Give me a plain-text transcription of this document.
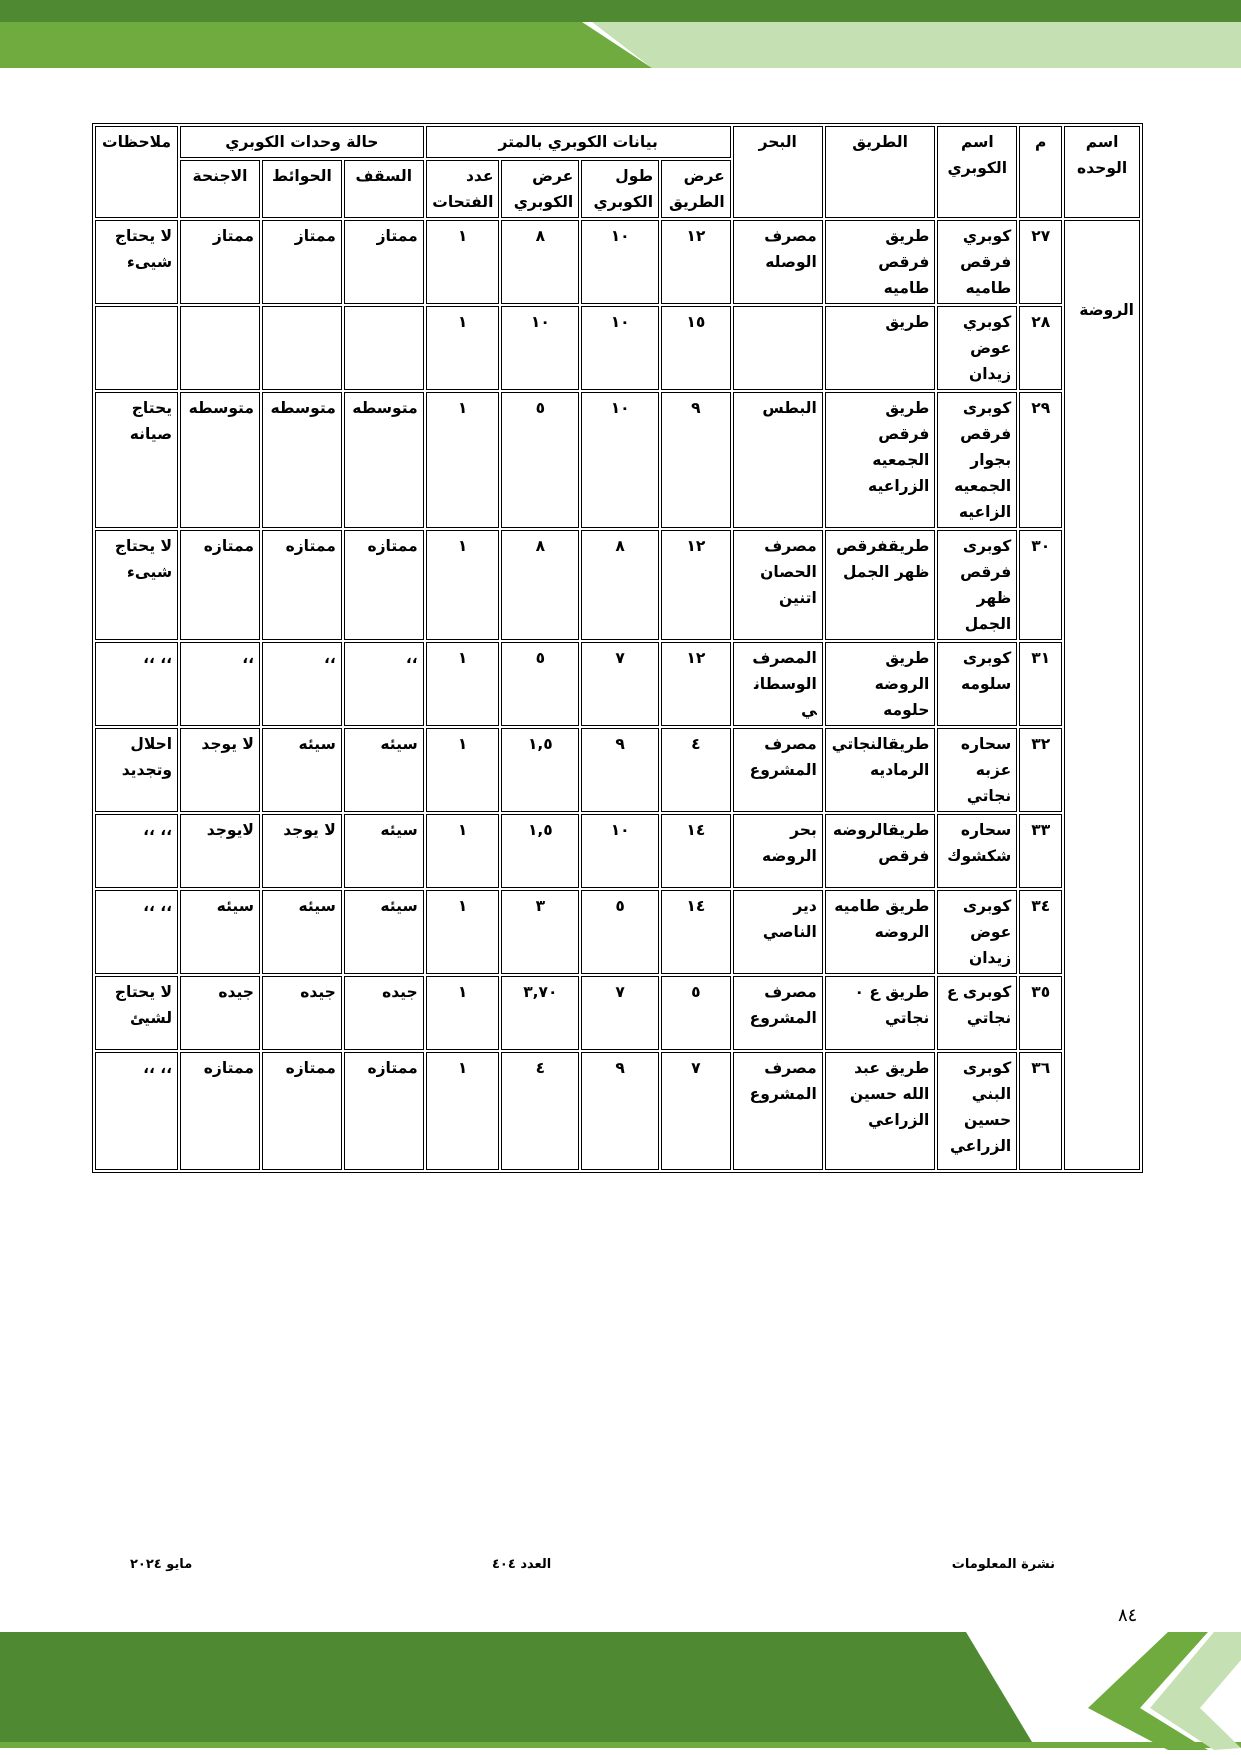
اسم الوحده	م	اسم الكوبري	الطريق	البحر	بيانات الكوبري بالمتر				حالة وحدات الكوبري			ملاحظات
					عرض الطريق	طول الكوبري	عرض الكوبري	عدد الفتحات	السقف	الحوائط	الاجنحة	
الروضة	٢٧	كوبري فرقص طاميه	طريق فرقص طاميه	مصرف الوصله	١٢	١٠	٨	١	ممتاز	ممتاز	ممتاز	لا يحتاج شيىء
	٢٨	كوبري عوض زيدان	طريق		١٥	١٠	١٠	١				
	٢٩	كوبرى فرقص بجوار الجمعيه الزاعيه	طريق فرقص الجمعيه الزراعيه	البطس	٩	١٠	٥	١	متوسطه	متوسطه	متوسطه	يحتاج صيانه
	٣٠	كوبرى فرقص ظهر الجمل	طريقفرقص ظهر الجمل	مصرف الحصان اتنين	١٢	٨	٨	١	ممتازه	ممتازه	ممتازه	لا يحتاج شيىء
	٣١	كوبرى سلومه	طريق الروضه حلومه	المصرف الوسطاني	١٢	٧	٥	١	،،	،،	،،	،، ،،
	٣٢	سحاره عزبه نجاتي	طريقالنجاتي الرماديه	مصرف المشروع	٤	٩	١,٥	١	سيئه	سيئه	لا يوجد	احلال وتجديد
	٣٣	سحاره شكشوك	طريقالروضه فرقص	بحر الروضه	١٤	١٠	١,٥	١	سيئه	لا يوجد	لايوجد	،، ،،
	٣٤	كوبرى عوض زيدان	طريق طاميه الروضه	دير الناصي	١٤	٥	٣	١	سيئه	سيئه	سيئه	،، ،،
	٣٥	كوبرى ع نجاتي	طريق ع ٠ نجاتي	مصرف المشروع	٥	٧	٣,٧٠	١	جيده	جيده	جيده	لا يحتاج لشيئ
	٣٦	كوبرى البني حسين الزراعي	طريق عبد الله حسين الزراعي	مصرف المشروع	٧	٩	٤	١	ممتازه	ممتازه	ممتازه	،، ،،
نشرة المعلومات
العدد ٤٠٤
مايو ٢٠٢٤
٨٤
